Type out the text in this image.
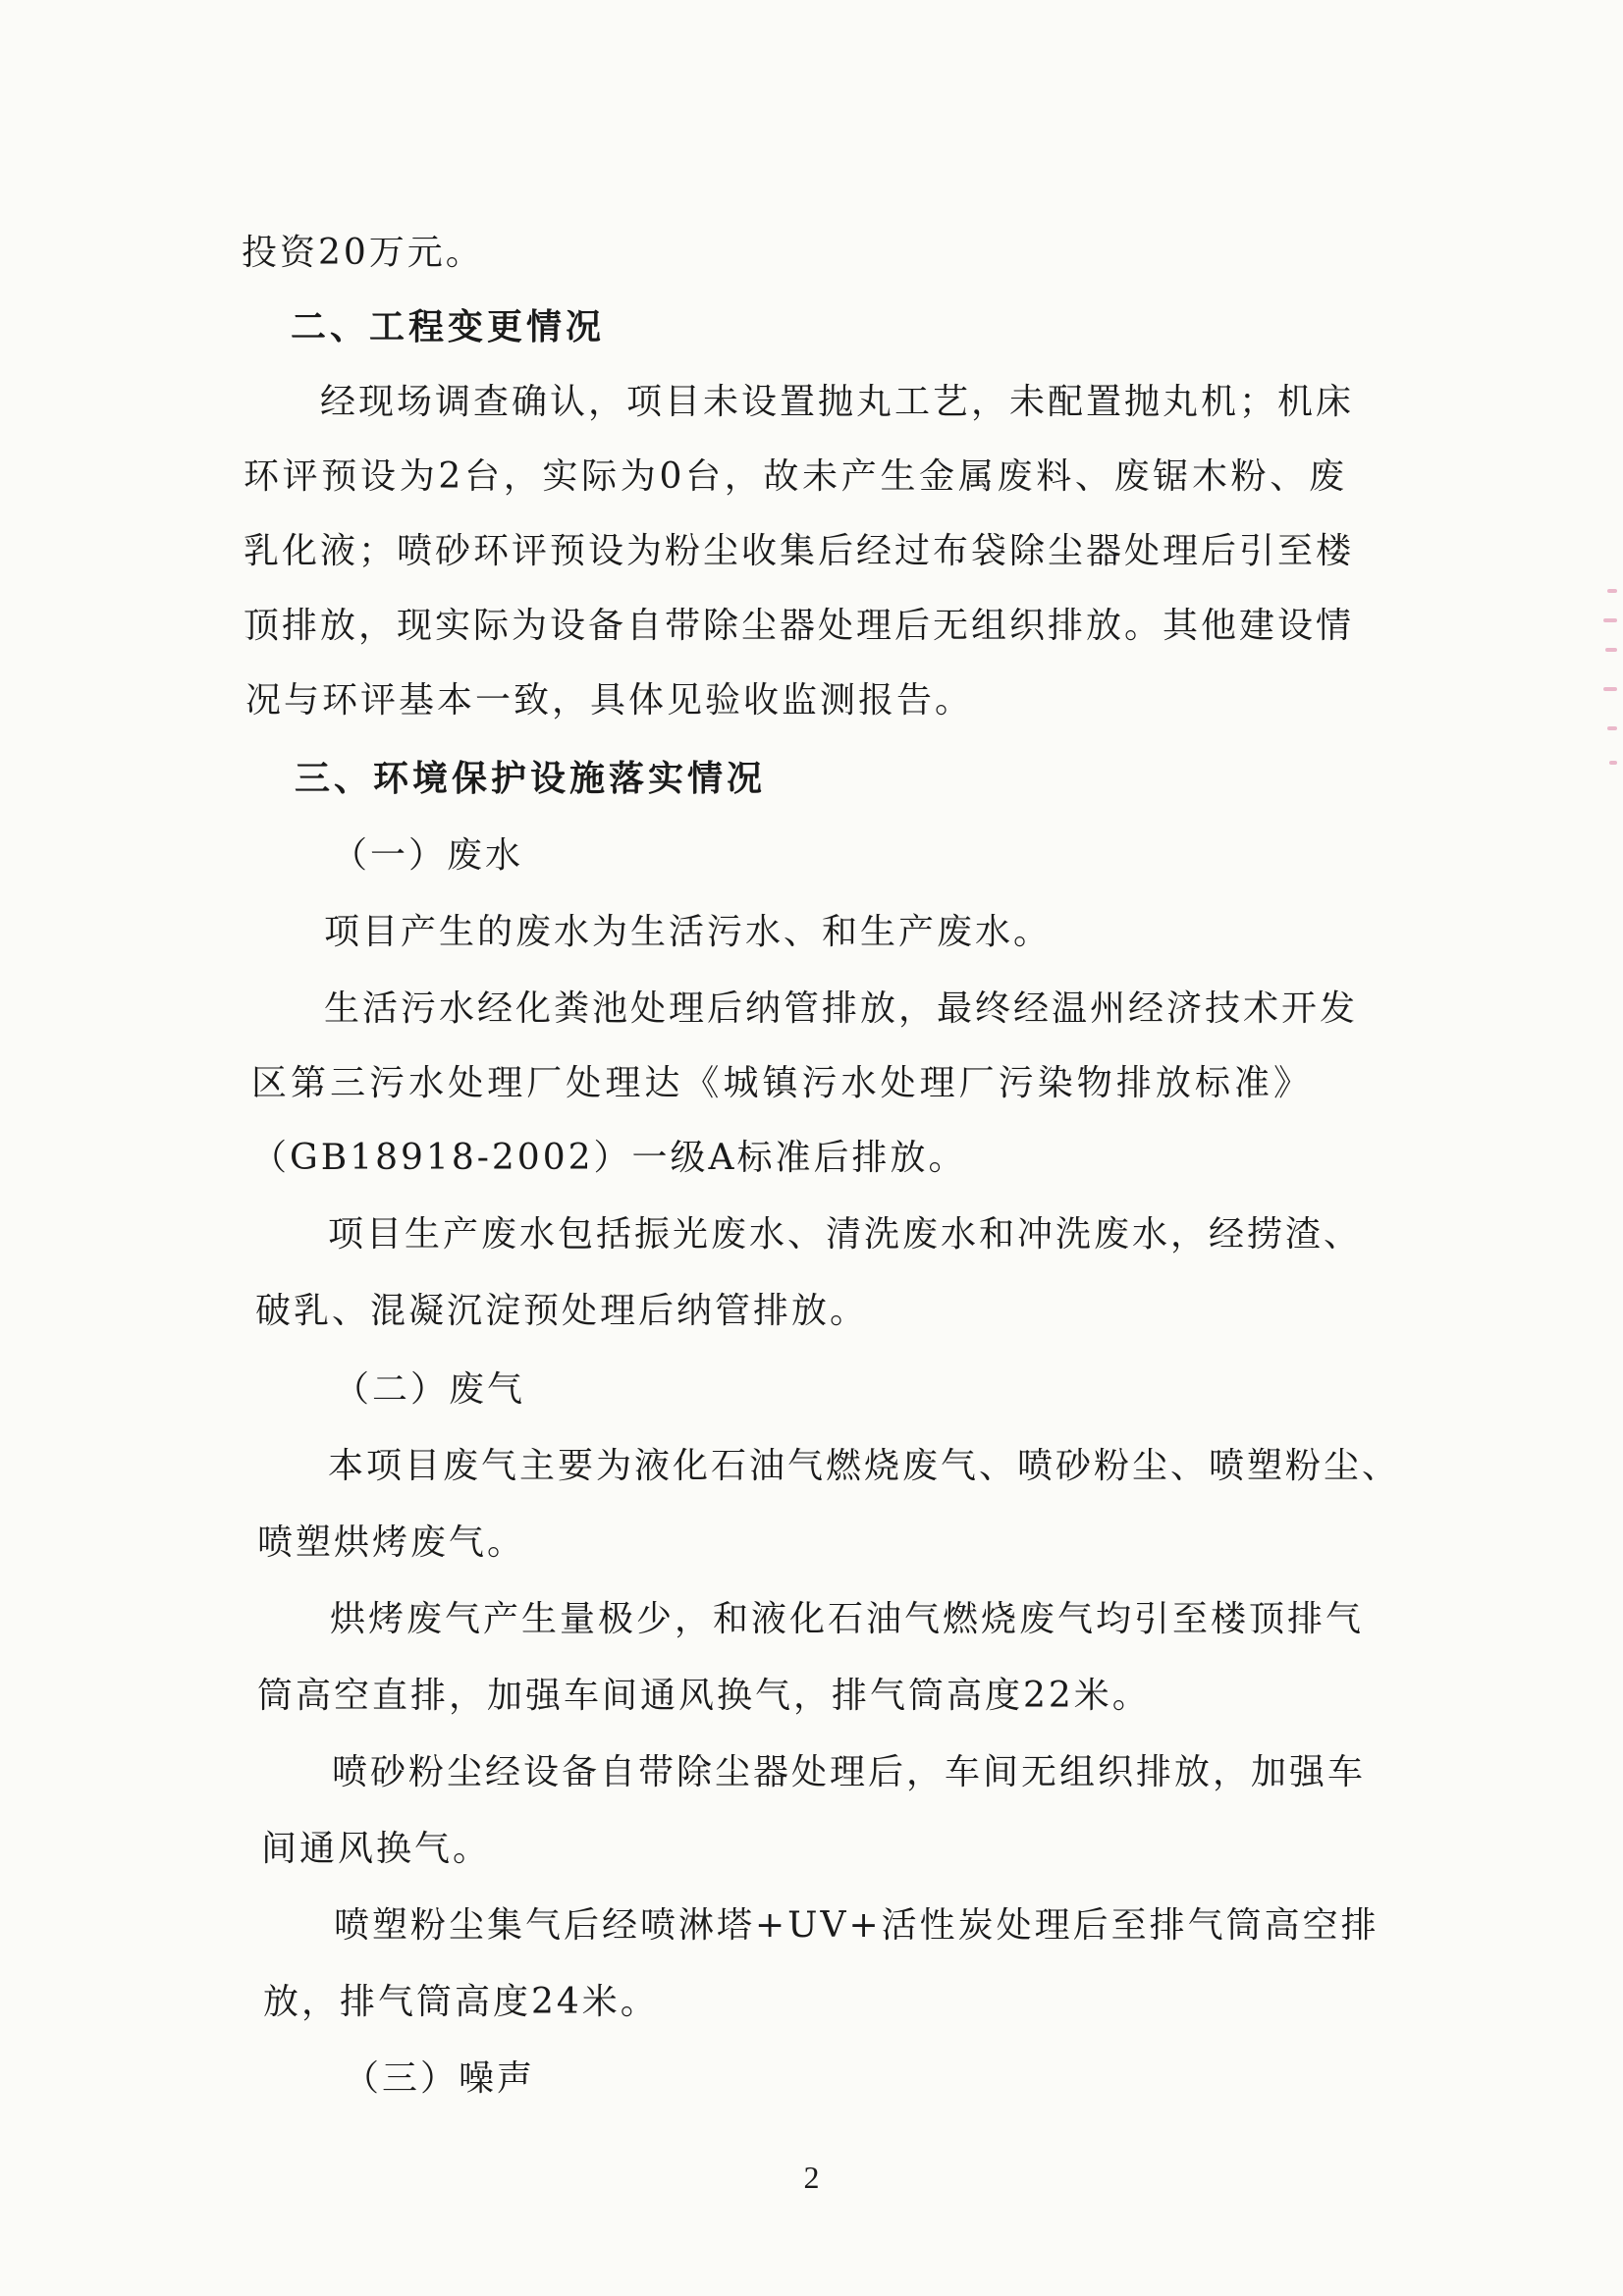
投资20万元。
二、工程变更情况
经现场调查确认，项目未设置抛丸工艺，未配置抛丸机；机床
环评预设为2台，实际为0台，故未产生金属废料、废锯木粉、废
乳化液；喷砂环评预设为粉尘收集后经过布袋除尘器处理后引至楼
顶排放，现实际为设备自带除尘器处理后无组织排放。其他建设情
况与环评基本一致，具体见验收监测报告。
三、环境保护设施落实情况
（一）废水
项目产生的废水为生活污水、和生产废水。
生活污水经化粪池处理后纳管排放，最终经温州经济技术开发
区第三污水处理厂处理达《城镇污水处理厂污染物排放标准》
（GB18918-2002）一级A标准后排放。
项目生产废水包括振光废水、清洗废水和冲洗废水，经捞渣、
破乳、混凝沉淀预处理后纳管排放。
（二）废气
本项目废气主要为液化石油气燃烧废气、喷砂粉尘、喷塑粉尘、
喷塑烘烤废气。
烘烤废气产生量极少，和液化石油气燃烧废气均引至楼顶排气
筒高空直排，加强车间通风换气，排气筒高度22米。
喷砂粉尘经设备自带除尘器处理后，车间无组织排放，加强车
间通风换气。
喷塑粉尘集气后经喷淋塔+UV+活性炭处理后至排气筒高空排
放，排气筒高度24米。
（三）噪声
2
